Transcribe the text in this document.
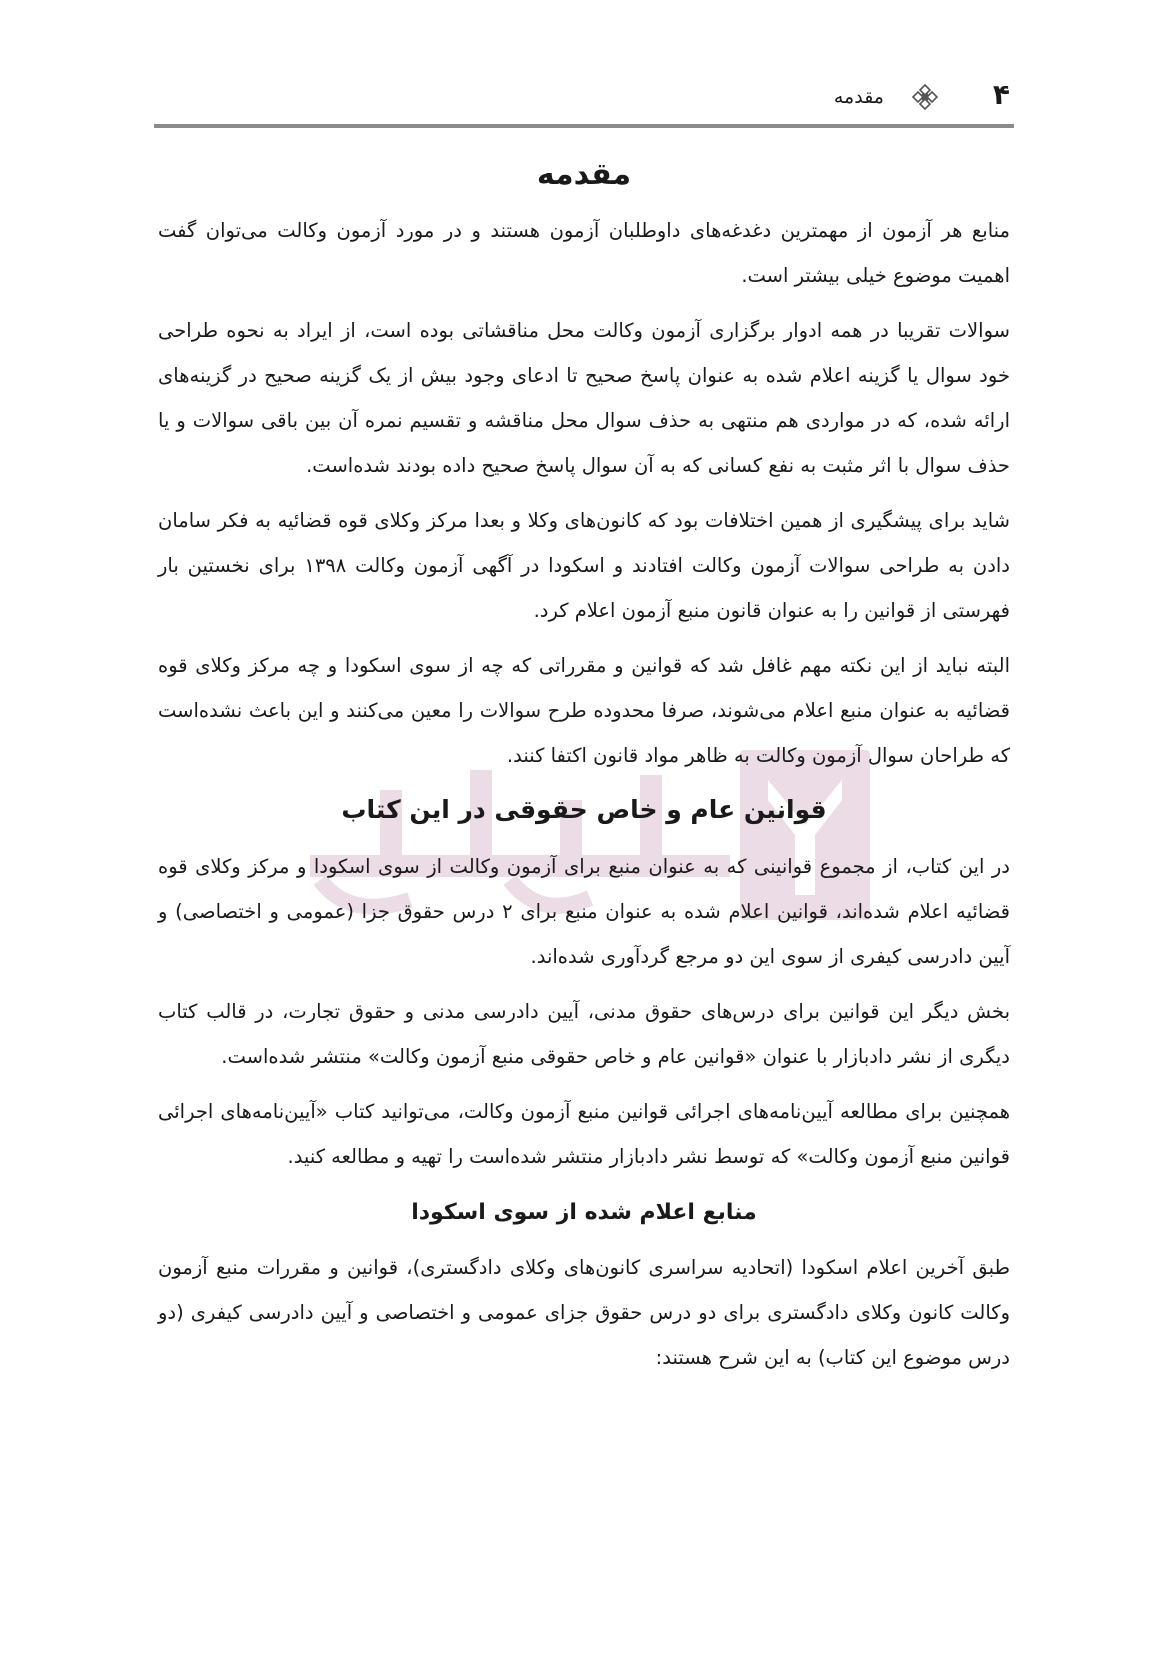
۴
مقدمه
مقدمه

منابع هر آزمون از مهمترین دغدغه‌های داوطلبان آزمون هستند و در مورد آزمون وکالت می‌توان گفت اهمیت موضوع خیلی بیشتر است.

سوالات تقریبا در همه ادوار برگزاری آزمون وکالت محل مناقشاتی بوده است، از ایراد به نحوه طراحی خود سوال یا گزینه اعلام شده به عنوان پاسخ صحیح تا ادعای وجود بیش از یک گزینه صحیح در گزینه‌های ارائه شده، که در مواردی هم منتهی به حذف سوال محل مناقشه و تقسیم نمره آن بین باقی سوالات و یا حذف سوال با اثر مثبت به نفع کسانی که به آن سوال پاسخ صحیح داده بودند شده‌است.

شاید برای پیشگیری از همین اختلافات بود که کانون‌های وکلا و بعدا مرکز وکلای قوه قضائیه به فکر سامان دادن به طراحی سوالات آزمون وکالت افتادند و اسکودا در آگهی آزمون وکالت ۱۳۹۸ برای نخستین بار فهرستی از قوانین را به عنوان قانون منبع آزمون اعلام کرد.

البته نباید از این نکته مهم غافل شد که قوانین و مقرراتی که چه از سوی اسکودا و چه مرکز وکلای قوه قضائیه به عنوان منبع اعلام می‌شوند، صرفا محدوده طرح سوالات را معین می‌کنند و این باعث نشده‌است که طراحان سوال آزمون وکالت به ظاهر مواد قانون اکتفا کنند.

قوانین عام و خاص حقوقی در این کتاب

در این کتاب، از مجموع قوانینی که به عنوان منبع برای آزمون وکالت از سوی اسکودا و مرکز وکلای قوه قضائیه اعلام شده‌اند، قوانین اعلام شده به عنوان منبع برای ۲ درس حقوق جزا (عمومی و اختصاصی) و آیین دادرسی کیفری از سوی این دو مرجع گردآوری شده‌اند.

بخش دیگر این قوانین برای درس‌های حقوق مدنی، آیین دادرسی مدنی و حقوق تجارت، در قالب کتاب دیگری از نشر دادبازار با عنوان «قوانین عام و خاص حقوقی منبع آزمون وکالت» منتشر شده‌است.

همچنین برای مطالعه آیین‌نامه‌های اجرائی قوانین منبع آزمون وکالت، می‌توانید کتاب «آیین‌نامه‌های اجرائی قوانین منبع آزمون وکالت» که توسط نشر دادبازار منتشر شده‌است را تهیه و مطالعه کنید.

منابع اعلام شده از سوی اسکودا

طبق آخرین اعلام اسکودا (اتحادیه سراسری کانون‌های وکلای دادگستری)، قوانین و مقررات منبع آزمون وکالت کانون وکلای دادگستری برای دو درس حقوق جزای عمومی و اختصاصی و آیین دادرسی کیفری (دو درس موضوع این کتاب) به این شرح هستند:
